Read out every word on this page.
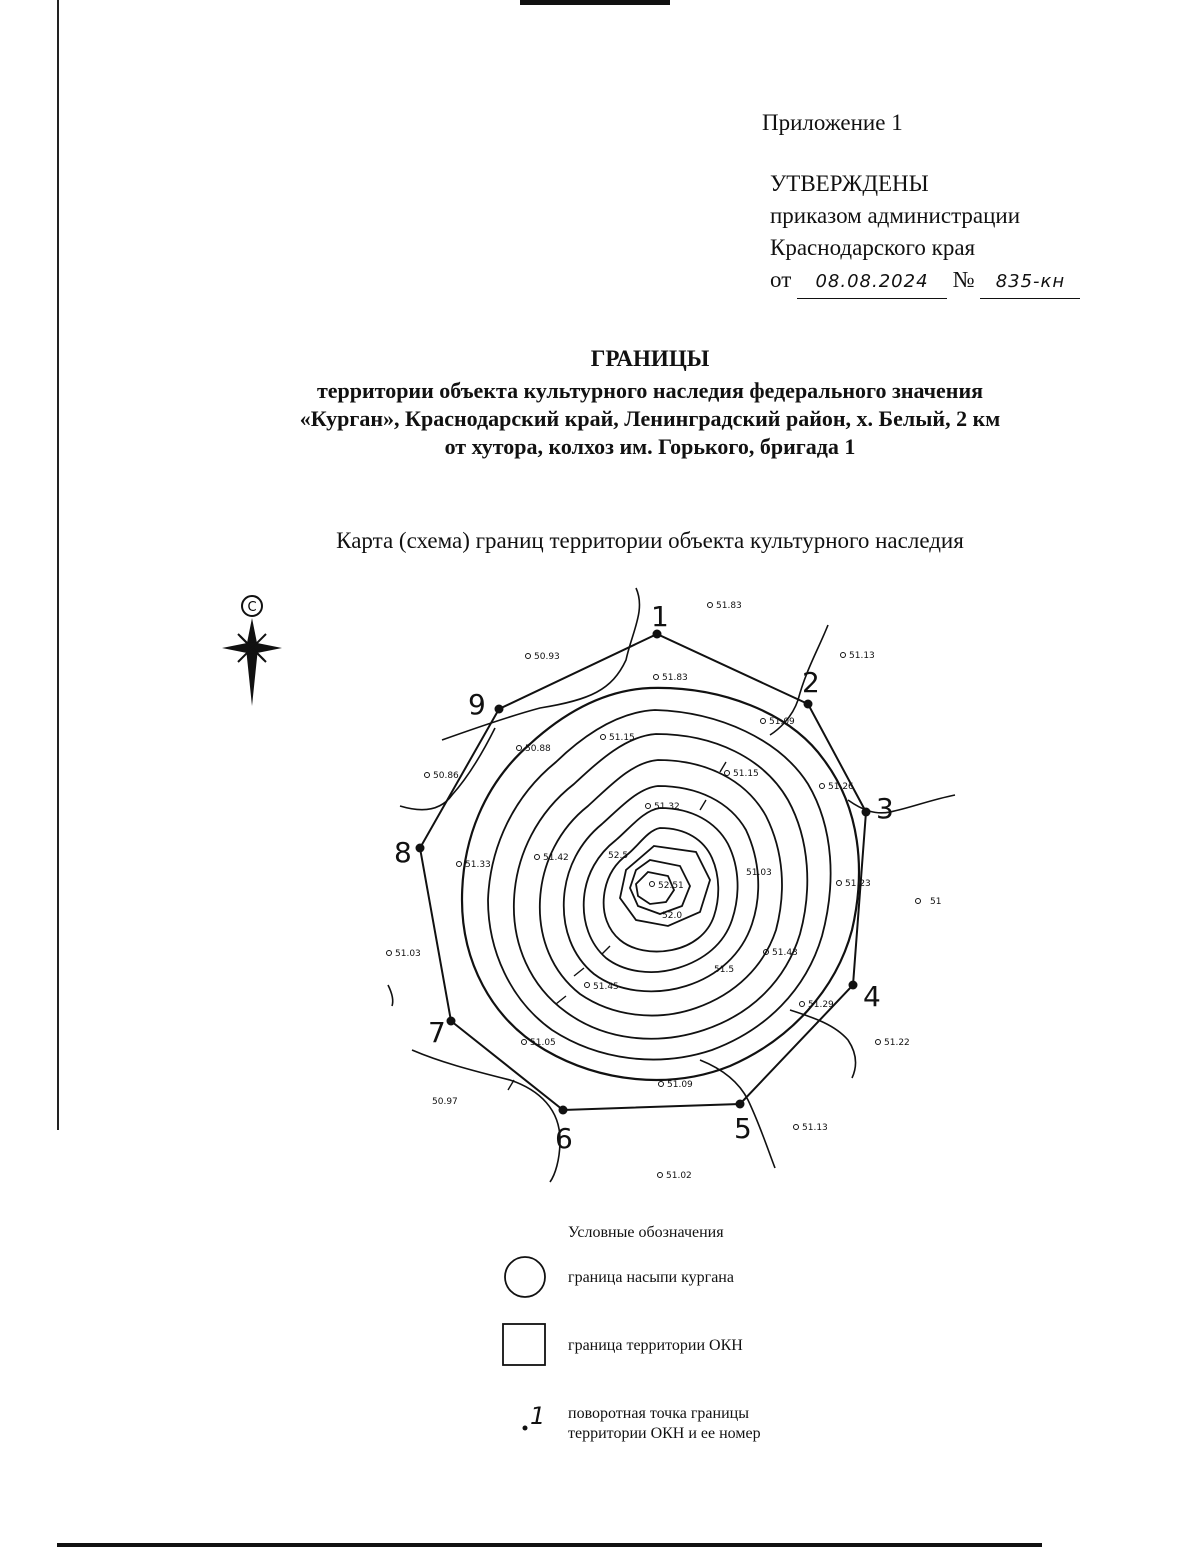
Приложение 1
УТВЕРЖДЕНЫ
приказом администрации
Краснодарского края
от 08.08.2024 № 835-кн
ГРАНИЦЫ
территории объекта культурного наследия федерального значения
«Курган», Краснодарский край, Ленинградский район, х. Белый, 2 км
от хутора, колхоз им. Горького, бригада 1
Карта (схема) границ территории объекта культурного наследия
С	1
2
3
4
5
6
7
8
9
51.83
51.13
50.93
51.83
51.09
51.15
51.26
50.86	51.15
51.32
51.33
50.88
51.23
51.03
51.42
52.51
51.43
51.03
51.45
51.29
51.22
51.05
51.09
50.97
51.13
51.02
51.5
52.0
52.5
51
Условные обозначения
1
граница насыпи кургана
граница территории ОКН
поворотная точка границы
территории ОКН и ее номер
